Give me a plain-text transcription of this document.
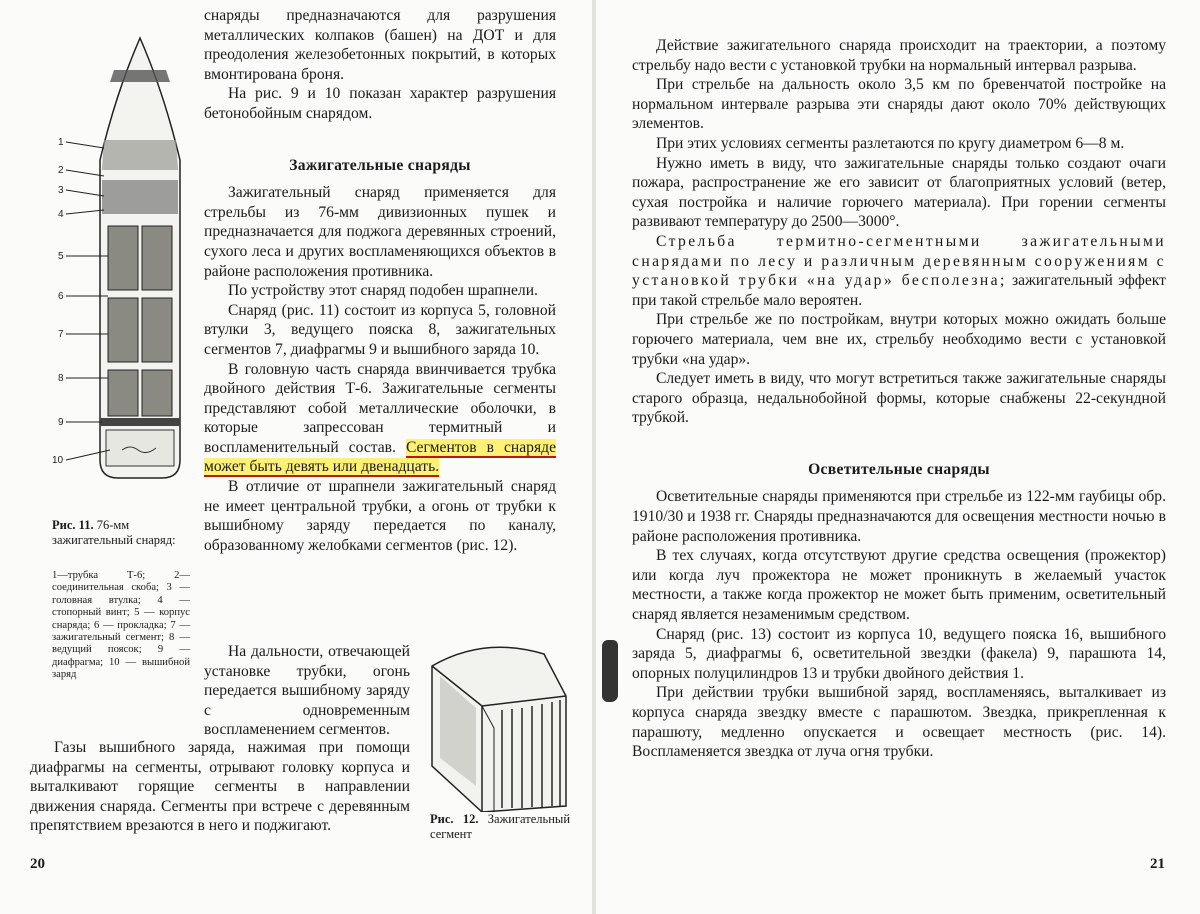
1
2
3
4
5
6
7
8
9
10
Рис. 11. 76-мм зажигательный снаряд:
1—трубка Т-6; 2—соединительная скоба; 3 — головная втулка; 4 — стопорный винт; 5 — корпус снаряда; 6 — прокладка; 7 — зажигательный сегмент; 8 — ведущий поясок; 9 — диафрагма; 10 — вышибной заряд
Рис. 12. Зажигательный сегмент

снаряды предназначаются для разрушения металлических колпаков (башен) на ДОТ и для преодоления железобетонных покрытий, в которых вмонтирована броня.

На рис. 9 и 10 показан характер разрушения бетонобойным снарядом.

Зажигательные снаряды

Зажигательный снаряд применяется для стрельбы из 76-мм дивизионных пушек и предназначается для поджога деревянных строений, сухого леса и других воспламеняющихся объектов в районе расположения противника.

По устройству этот снаряд подобен шрапнели.

Снаряд (рис. 11) состоит из корпуса 5, головной втулки 3, ведущего пояска 8, зажигательных сегментов 7, диафрагмы 9 и вышибного заряда 10.

В головную часть снаряда ввинчивается трубка двойного действия Т-6. Зажигательные сегменты представляют собой металлические оболочки, в которые запрессован термитный и воспламенительный состав. Сегментов в снаряде может быть девять или двенадцать.

В отличие от шрапнели зажигательный снаряд не имеет центральной трубки, а огонь от трубки к вышибному заряду передается по каналу, образованному желобками сегментов (рис. 12).

На дальности, отвечающей установке трубки, огонь передается вышибному заряду с одновременным воспламенением сегментов.

Газы вышибного заряда, нажимая при помощи диафрагмы на сегменты, отрывают головку корпуса и выталкивают горящие сегменты в направлении движения снаряда. Сегменты при встрече с деревянным препятствием врезаются в него и поджигают.

20

Действие зажигательного снаряда происходит на траектории, а поэтому стрельбу надо вести с установкой трубки на нормальный интервал разрыва.

При стрельбе на дальность около 3,5 км по бревенчатой постройке на нормальном интервале разрыва эти снаряды дают около 70% действующих элементов.

При этих условиях сегменты разлетаются по кругу диаметром 6—8 м.

Нужно иметь в виду, что зажигательные снаряды только создают очаги пожара, распространение же его зависит от благоприятных условий (ветер, сухая постройка и наличие горючего материала). При горении сегменты развивают температуру до 2500—3000°.

Стрельба термитно-сегментными зажигательными снарядами по лесу и различным деревянным сооружениям с установкой трубки «на удар» бесполезна; зажигательный эффект при такой стрельбе мало вероятен.

При стрельбе же по постройкам, внутри которых можно ожидать больше горючего материала, чем вне их, стрельбу необходимо вести с установкой трубки «на удар».

Следует иметь в виду, что могут встретиться также зажигательные снаряды старого образца, недальнобойной формы, которые снабжены 22-секундной трубкой.

Осветительные снаряды

Осветительные снаряды применяются при стрельбе из 122-мм гаубицы обр. 1910/30 и 1938 гг. Снаряды предназначаются для освещения местности ночью в районе расположения противника.

В тех случаях, когда отсутствуют другие средства освещения (прожектор) или когда луч прожектора не может проникнуть в желаемый участок местности, а также когда прожектор не может быть применим, осветительный снаряд является незаменимым средством.

Снаряд (рис. 13) состоит из корпуса 10, ведущего пояска 16, вышибного заряда 5, диафрагмы 6, осветительной звездки (факела) 9, парашюта 14, опорных полуцилиндров 13 и трубки двойного действия 1.

При действии трубки вышибной заряд, воспламеняясь, выталкивает из корпуса снаряда звездку вместе с парашютом. Звездка, прикрепленная к парашюту, медленно опускается и освещает местность (рис. 14). Воспламеняется звездка от луча огня трубки.

21
